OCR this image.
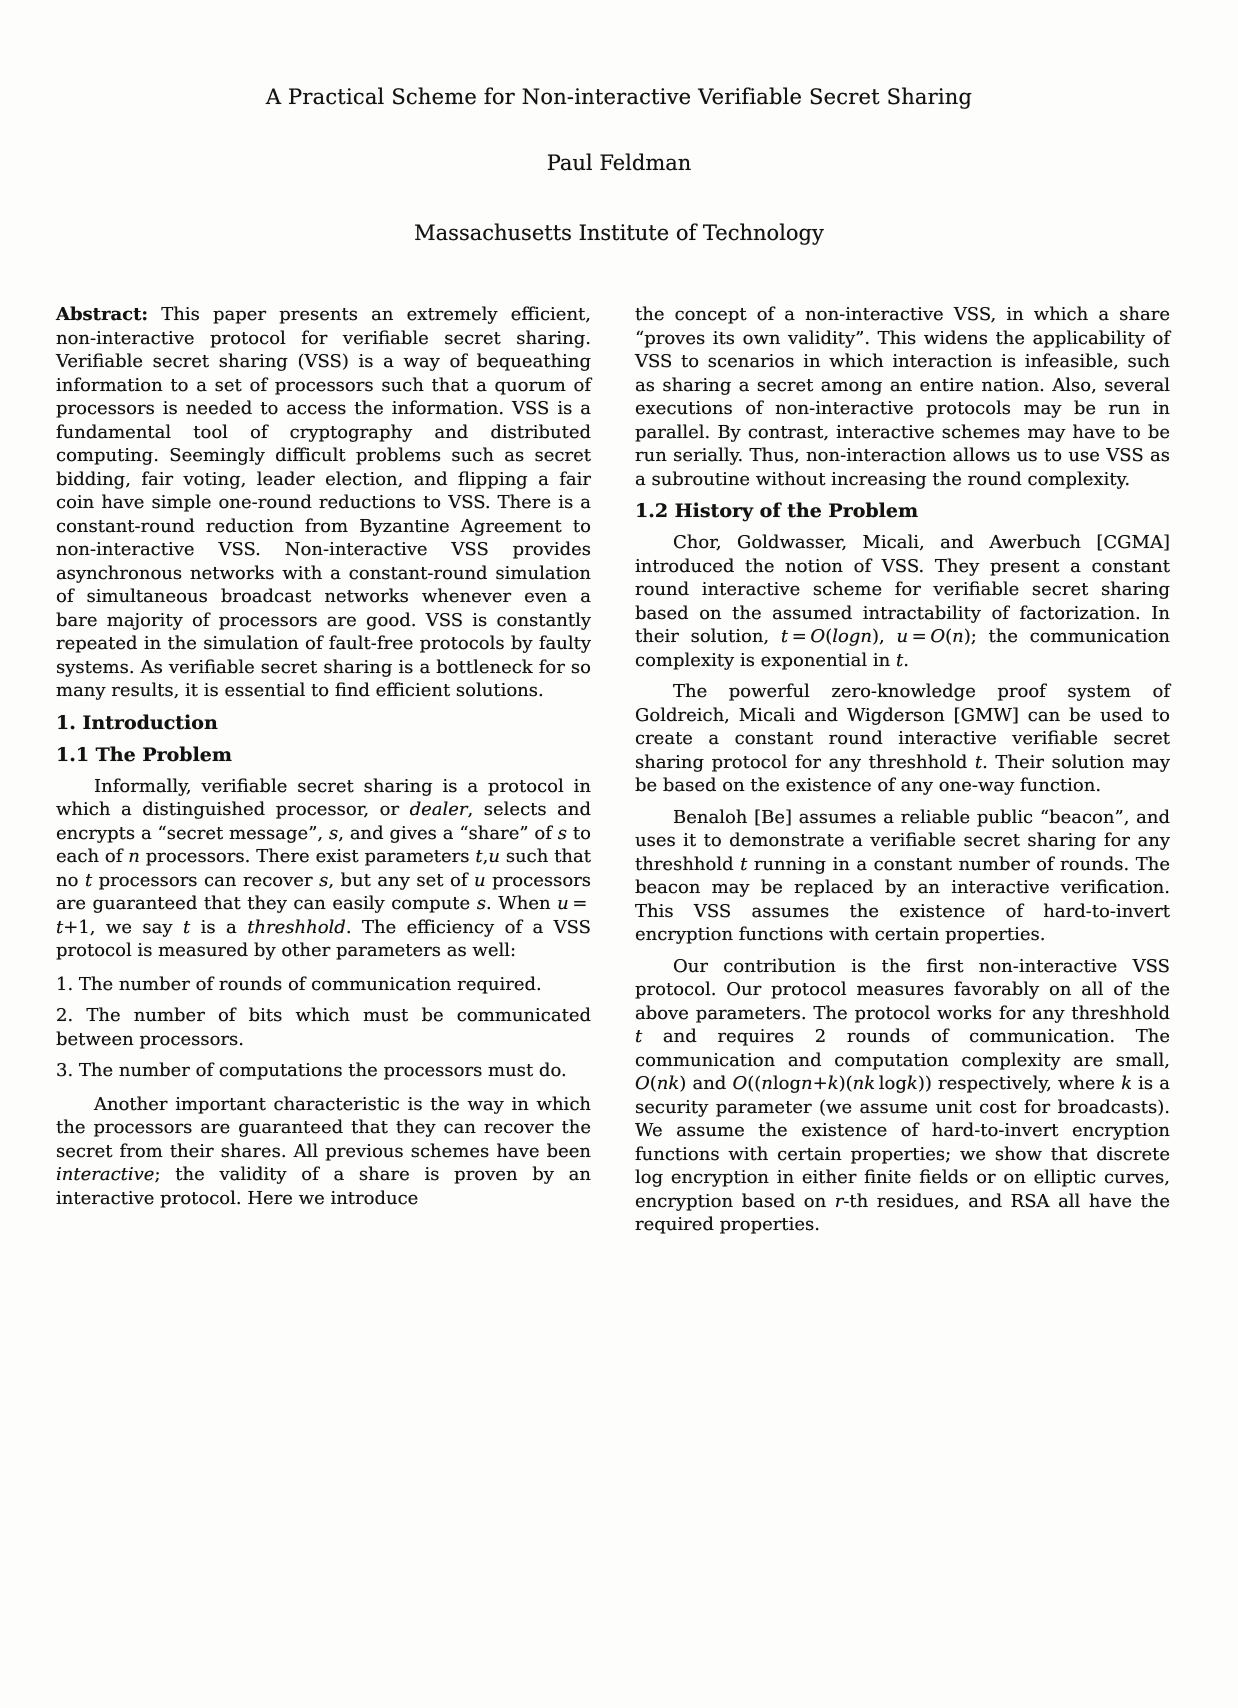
A Practical Scheme for Non-interactive Verifiable Secret Sharing
Paul Feldman
Massachusetts Institute of Technology

Abstract: This paper presents an extremely efficient, non-interactive protocol for verifiable secret sharing. Verifiable secret sharing (VSS) is a way of bequeathing information to a set of processors such that a quorum of processors is needed to access the information. VSS is a fundamental tool of cryptography and distributed computing. Seemingly difficult problems such as secret bidding, fair voting, leader election, and flipping a fair coin have simple one-round reductions to VSS. There is a constant-round reduction from Byzantine Agreement to non-interactive VSS. Non-interactive VSS provides asynchronous networks with a constant-round simulation of simultaneous broadcast networks whenever even a bare majority of processors are good. VSS is constantly repeated in the simulation of fault-free protocols by faulty systems. As verifiable secret sharing is a bottleneck for so many results, it is essential to find efficient solutions.

1. Introduction

1.1 The Problem

Informally, verifiable secret sharing is a protocol in which a distinguished processor, or dealer, selects and encrypts a “secret message”, s, and gives a “share” of s to each of n processors. There exist parameters t,u such that no t processors can recover s, but any set of u processors are guaranteed that they can easily compute s. When u = t+1, we say t is a threshhold. The efficiency of a VSS protocol is measured by other parameters as well:

1. The number of rounds of communication required.

2. The number of bits which must be communicated between processors.

3. The number of computations the processors must do.

Another important characteristic is the way in which the processors are guaranteed that they can recover the secret from their shares. All previous schemes have been interactive; the validity of a share is proven by an interactive protocol. Here we introduce

the concept of a non-interactive VSS, in which a share “proves its own validity”. This widens the applicability of VSS to scenarios in which interaction is infeasible, such as sharing a secret among an entire nation. Also, several executions of non-interactive protocols may be run in parallel. By contrast, interactive schemes may have to be run serially. Thus, non-interaction allows us to use VSS as a subroutine without increasing the round complexity.

1.2 History of the Problem

Chor, Goldwasser, Micali, and Awerbuch [CGMA] introduced the notion of VSS. They present a constant round interactive scheme for verifiable secret sharing based on the assumed intractability of factorization. In their solution, t = O(logn), u = O(n); the communication complexity is exponential in t.

The powerful zero-knowledge proof system of Goldreich, Micali and Wigderson [GMW] can be used to create a constant round interactive verifiable secret sharing protocol for any threshhold t. Their solution may be based on the existence of any one-way function.

Benaloh [Be] assumes a reliable public “beacon”, and uses it to demonstrate a verifiable secret sharing for any threshhold t running in a constant number of rounds. The beacon may be replaced by an interactive verification. This VSS assumes the existence of hard-to-invert encryption functions with certain properties.

Our contribution is the first non-interactive VSS protocol. Our protocol measures favorably on all of the above parameters. The protocol works for any threshhold t and requires 2 rounds of communication. The communication and computation complexity are small, O(nk) and O((nlogn+k)(nk logk)) respectively, where k is a security parameter (we assume unit cost for broadcasts). We assume the existence of hard-to-invert encryption functions with certain properties; we show that discrete log encryption in either finite fields or on elliptic curves, encryption based on r-th residues, and RSA all have the required properties.
